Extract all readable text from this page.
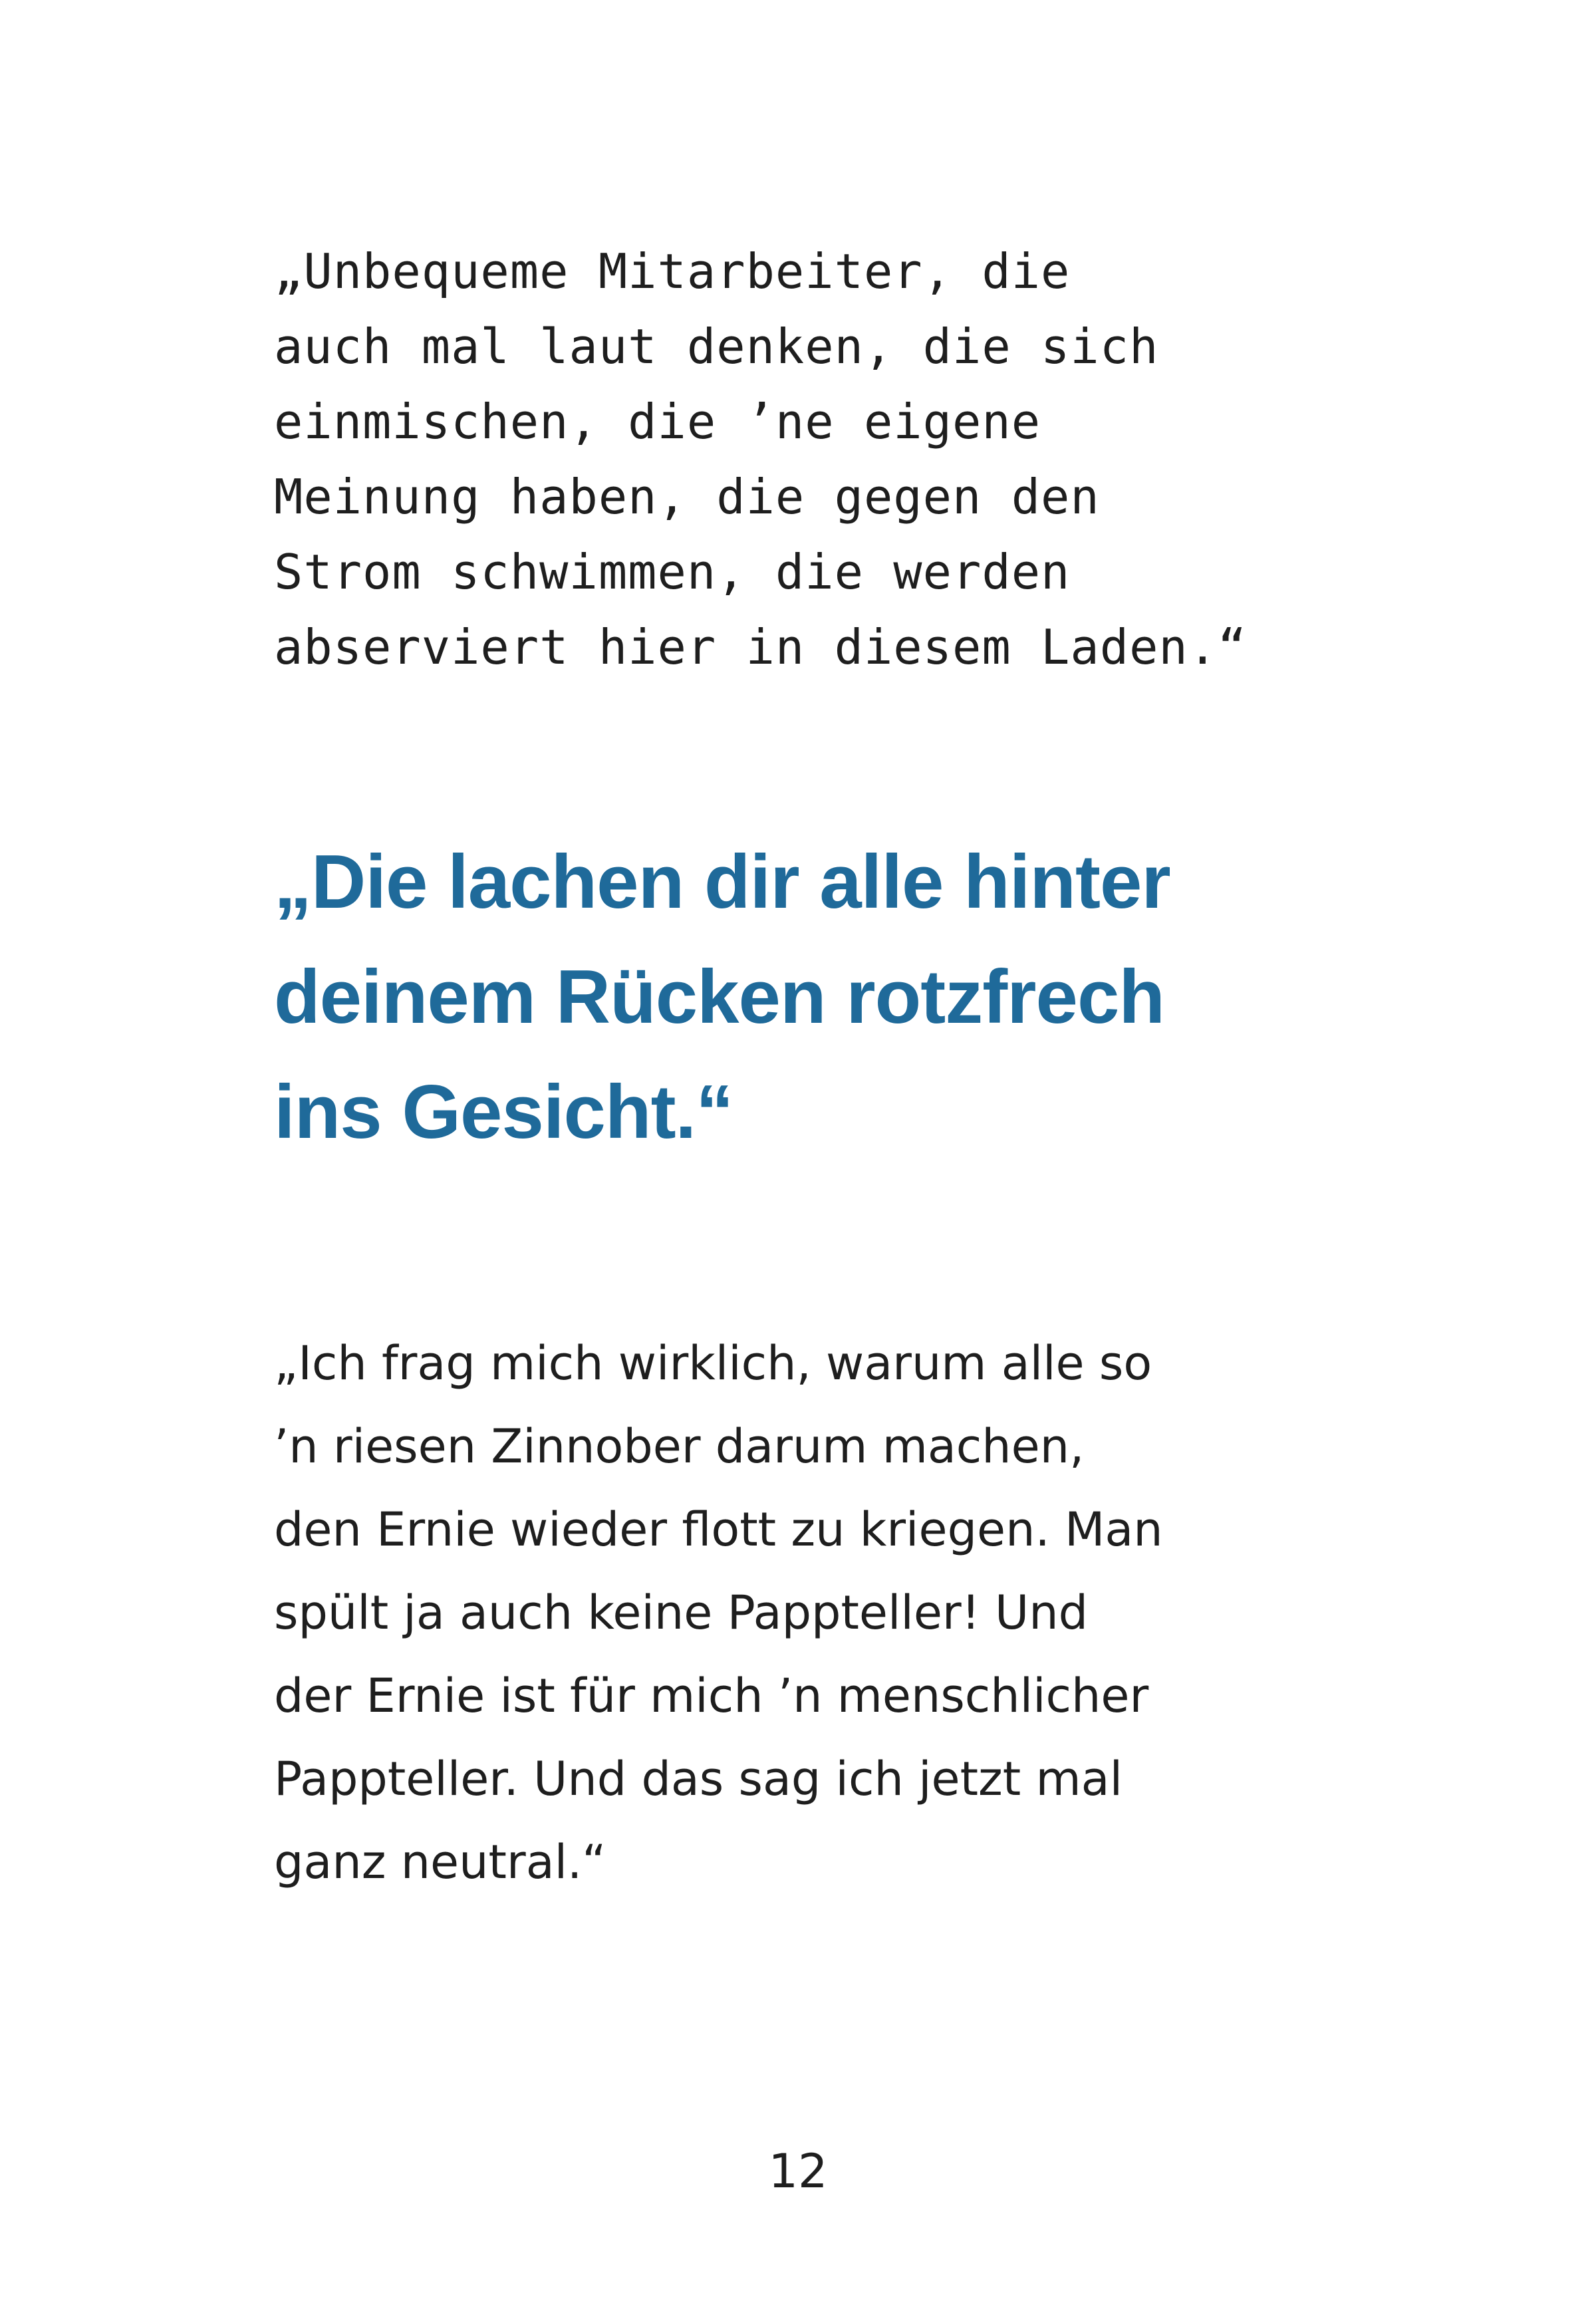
„Unbequeme Mitarbeiter, die
auch mal laut denken, die sich
einmischen, die ’ne eigene
Meinung haben, die gegen den
Strom schwimmen, die werden
abserviert hier in diesem Laden.“

„Die lachen dir alle hinter
deinem Rücken rotzfrech
ins Gesicht.“

„Ich frag mich wirklich, warum alle so
’n riesen Zinnober darum machen,
den Ernie wieder flott zu kriegen. Man
spült ja auch keine Pappteller! Und
der Ernie ist für mich ’n menschlicher
Pappteller. Und das sag ich jetzt mal
ganz neutral.“

12
